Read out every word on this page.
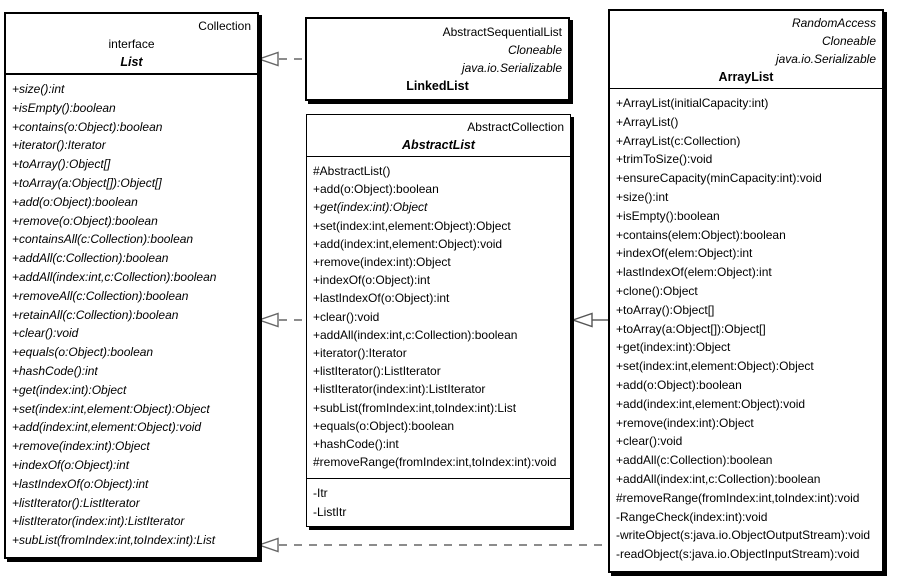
Collection
interface
List
+size():int
+isEmpty():boolean
+contains(o:Object):boolean
+iterator():Iterator
+toArray():Object[]
+toArray(a:Object[]):Object[]
+add(o:Object):boolean
+remove(o:Object):boolean
+containsAll(c:Collection):boolean
+addAll(c:Collection):boolean
+addAll(index:int,c:Collection):boolean
+removeAll(c:Collection):boolean
+retainAll(c:Collection):boolean
+clear():void
+equals(o:Object):boolean
+hashCode():int
+get(index:int):Object
+set(index:int,element:Object):Object
+add(index:int,element:Object):void
+remove(index:int):Object
+indexOf(o:Object):int
+lastIndexOf(o:Object):int
+listIterator():ListIterator
+listIterator(index:int):ListIterator
+subList(fromIndex:int,toIndex:int):List
AbstractSequentialList
Cloneable
java.io.Serializable
LinkedList
AbstractCollection
AbstractList
#AbstractList()
+add(o:Object):boolean
+get(index:int):Object
+set(index:int,element:Object):Object
+add(index:int,element:Object):void
+remove(index:int):Object
+indexOf(o:Object):int
+lastIndexOf(o:Object):int
+clear():void
+addAll(index:int,c:Collection):boolean
+iterator():Iterator
+listIterator():ListIterator
+listIterator(index:int):ListIterator
+subList(fromIndex:int,toIndex:int):List
+equals(o:Object):boolean
+hashCode():int
#removeRange(fromIndex:int,toIndex:int):void
-Itr
-ListItr
RandomAccess
Cloneable
java.io.Serializable
ArrayList
+ArrayList(initialCapacity:int)
+ArrayList()
+ArrayList(c:Collection)
+trimToSize():void
+ensureCapacity(minCapacity:int):void
+size():int
+isEmpty():boolean
+contains(elem:Object):boolean
+indexOf(elem:Object):int
+lastIndexOf(elem:Object):int
+clone():Object
+toArray():Object[]
+toArray(a:Object[]):Object[]
+get(index:int):Object
+set(index:int,element:Object):Object
+add(o:Object):boolean
+add(index:int,element:Object):void
+remove(index:int):Object
+clear():void
+addAll(c:Collection):boolean
+addAll(index:int,c:Collection):boolean
#removeRange(fromIndex:int,toIndex:int):void
-RangeCheck(index:int):void
-writeObject(s:java.io.ObjectOutputStream):void
-readObject(s:java.io.ObjectInputStream):void
